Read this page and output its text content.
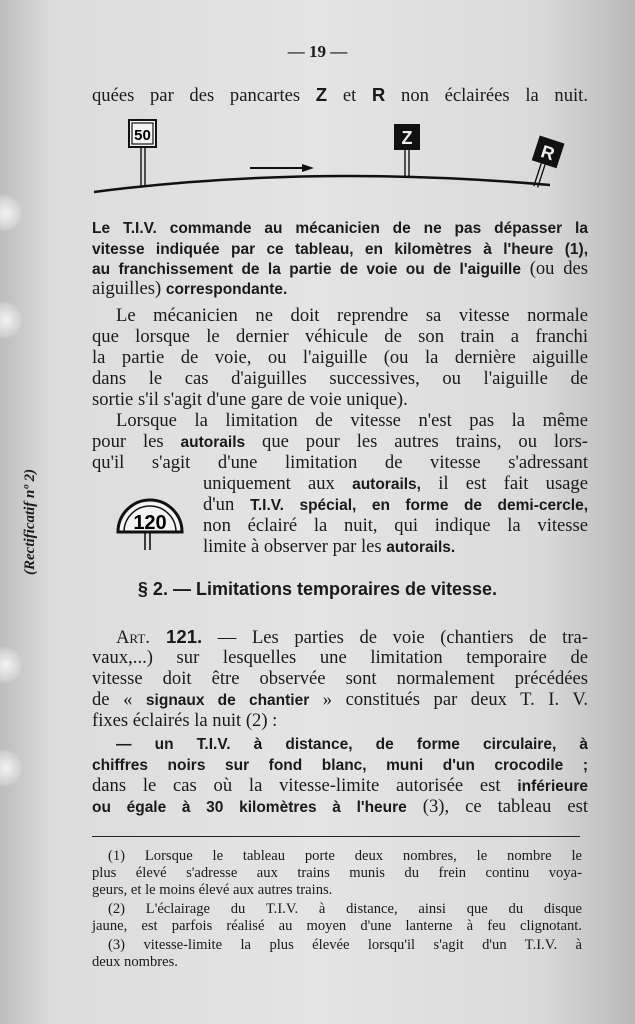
— 19 —
(Rectificatif nº 2)
quées par des pancartes Z et R non éclairées la nuit.
50	Z
R
Le T.I.V. commande au mécanicien de ne pas dépasser la
vitesse indiquée par ce tableau, en kilomètres à l'heure (1),
au franchissement de la partie de voie ou de l'aiguille (ou des
aiguilles) correspondante.
Le mécanicien ne doit reprendre sa vitesse normale
que lorsque le dernier véhicule de son train a franchi
la partie de voie, ou l'aiguille (ou la dernière aiguille
dans le cas d'aiguilles successives, ou l'aiguille de
sortie s'il s'agit d'une gare de voie unique).
Lorsque la limitation de vitesse n'est pas la même
pour les autorails que pour les autres trains, ou lors-
qu'il s'agit d'une limitation de vitesse s'adressant
uniquement aux autorails, il est fait usage
d'un T.I.V. spécial, en forme de demi-cercle,
non éclairé la nuit, qui indique la vitesse
limite à observer par les autorails.
120
§ 2. — Limitations temporaires de vitesse.
Art. 121. — Les parties de voie (chantiers de tra-
vaux,...) sur lesquelles une limitation temporaire de
vitesse doit être observée sont normalement précédées
de « signaux de chantier » constitués par deux T. I. V.
fixes éclairés la nuit (2) :
— un T.I.V. à distance, de forme circulaire, à
chiffres noirs sur fond blanc, muni d'un crocodile ;
dans le cas où la vitesse-limite autorisée est inférieure
ou égale à 30 kilomètres à l'heure (3), ce tableau est
(1) Lorsque le tableau porte deux nombres, le nombre le
plus élevé s'adresse aux trains munis du frein continu voya-
geurs, et le moins élevé aux autres trains.
(2) L'éclairage du T.I.V. à distance, ainsi que du disque
jaune, est parfois réalisé au moyen d'une lanterne à feu clignotant.
(3) vitesse-limite la plus élevée lorsqu'il s'agit d'un T.I.V. à
deux nombres.
